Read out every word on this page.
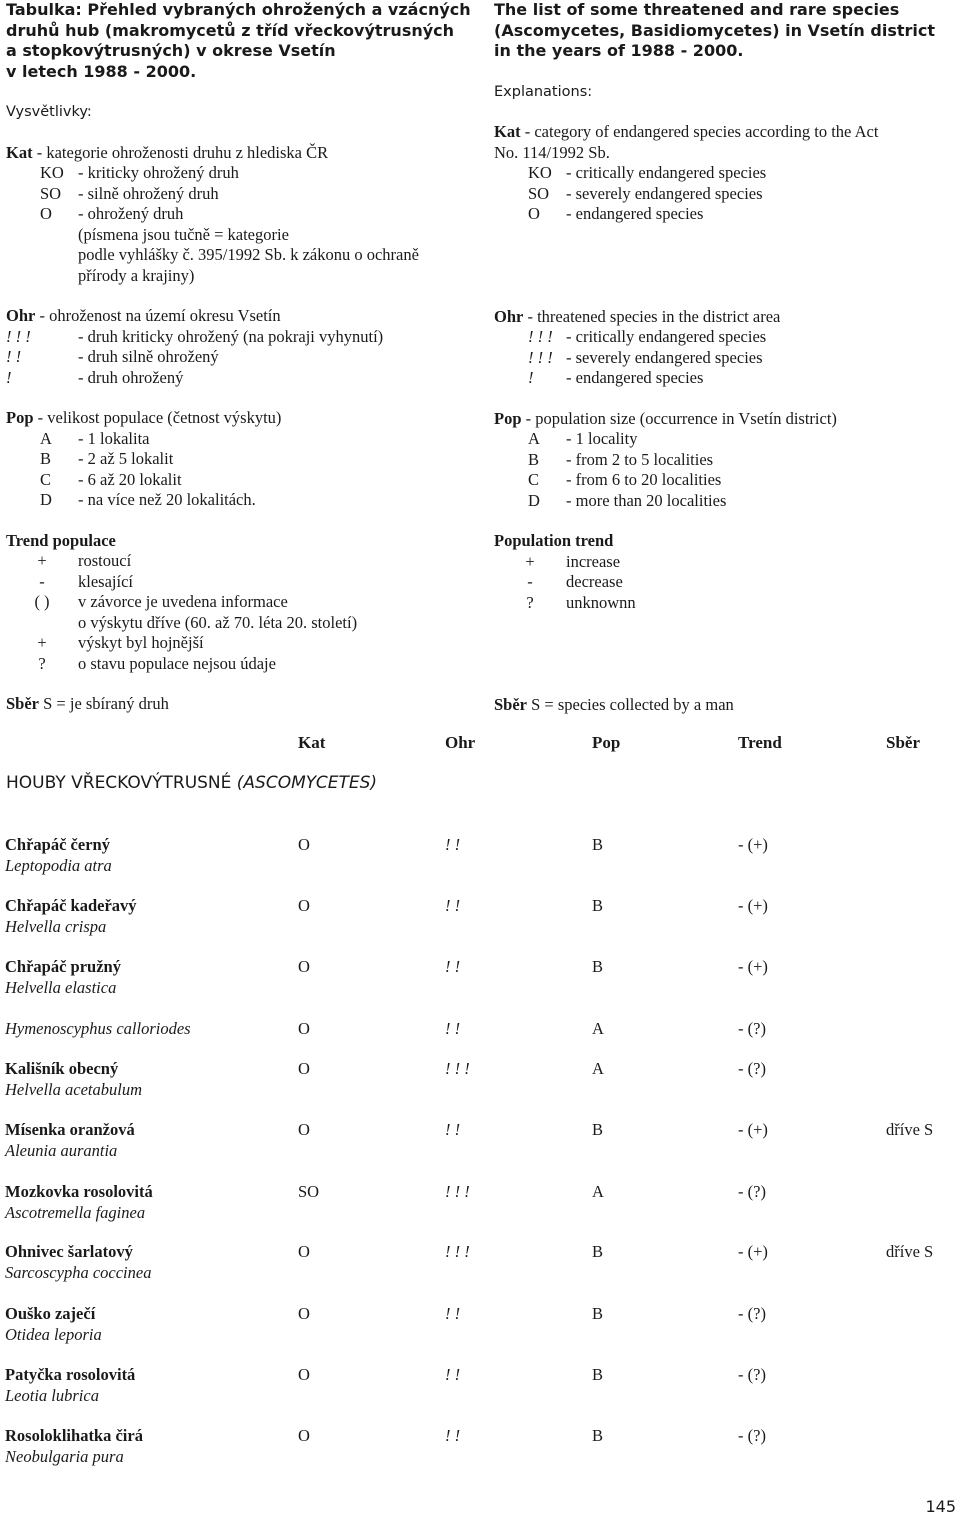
Tabulka: Přehled vybraných ohrožených a vzácných
druhů hub (makromycetů z tříd vřeckovýtrusných
a stopkovýtrusných) v okrese Vsetín
v letech 1988 - 2000.
Vysvětlivky:
Kat - kategorie ohroženosti druhu z hlediska ČR
KO - kriticky ohrožený druh
SO	- silně ohrožený druh
O	- ohrožený druh
(písmena jsou tučně = kategorie
podle vyhlášky č. 395/1992 Sb. k zákonu o ochraně
přírody a krajiny)
Ohr - ohroženost na území okresu Vsetín
! ! !	- druh kriticky ohrožený (na pokraji vyhynutí)
! !	- druh silně ohrožený
!	- druh ohrožený
Pop - velikost populace (četnost výskytu)
A	- 1 lokalita
B	- 2 až 5 lokalit
C	- 6 až 20 lokalit
D	- na více než 20 lokalitách.
Trend populace
+	rostoucí
-	klesající
( )	v závorce je uvedena informace
o výskytu dříve (60. až 70. léta 20. století)
+	výskyt byl hojnější
?	o stavu populace nejsou údaje
Sběr S = je sbíraný druh
The list of some threatened and rare species
(Ascomycetes, Basidiomycetes) in Vsetín district
in the years of 1988 - 2000.
Explanations:
Kat - category of endangered species according to the Act
No. 114/1992 Sb.
KO - critically endangered species
SO	- severely endangered species
O	- endangered species
Ohr - threatened species in the district area
! ! ! - critically endangered species
! ! ! - severely endangered species
!	- endangered species
Pop - population size (occurrence in Vsetín district)
A	- 1 locality
B	- from 2 to 5 localities
C	- from 6 to 20 localities
D	- more than 20 localities
Population trend
+	increase
-	decrease
?	unknownn
Sběr S = species collected by a man
Kat	Ohr	Pop	Trend	Sběr
HOUBY VŘECKOVÝTRUSNÉ (ASCOMYCETES)
Chřapáč černý
Leptopodia atra
O	! !	B	- (+)
Chřapáč kadeřavý
Helvella crispa
O	! !	B	- (+)
Chřapáč pružný
Helvella elastica
O	! !	B	- (+)
Hymenoscyphus calloriodes	O	! !	A	- (?)
Kališník obecný
Helvella acetabulum
O	! ! !	A	- (?)
Mísenka oranžová
Aleunia aurantia
O	! !	B	- (+)	dříve S
Mozkovka rosolovitá
Ascotremella faginea
SO	! ! !	A	- (?)
Ohnivec šarlatový
Sarcoscypha coccinea
O	! ! !	B	- (+)	dříve S
Ouško zaječí
Otidea leporia
O	! !	B	- (?)
Patyčka rosolovitá
Leotia lubrica
O	! !	B	- (?)
Rosoloklihatka čirá
Neobulgaria pura
O	! !	B	- (?)
145
